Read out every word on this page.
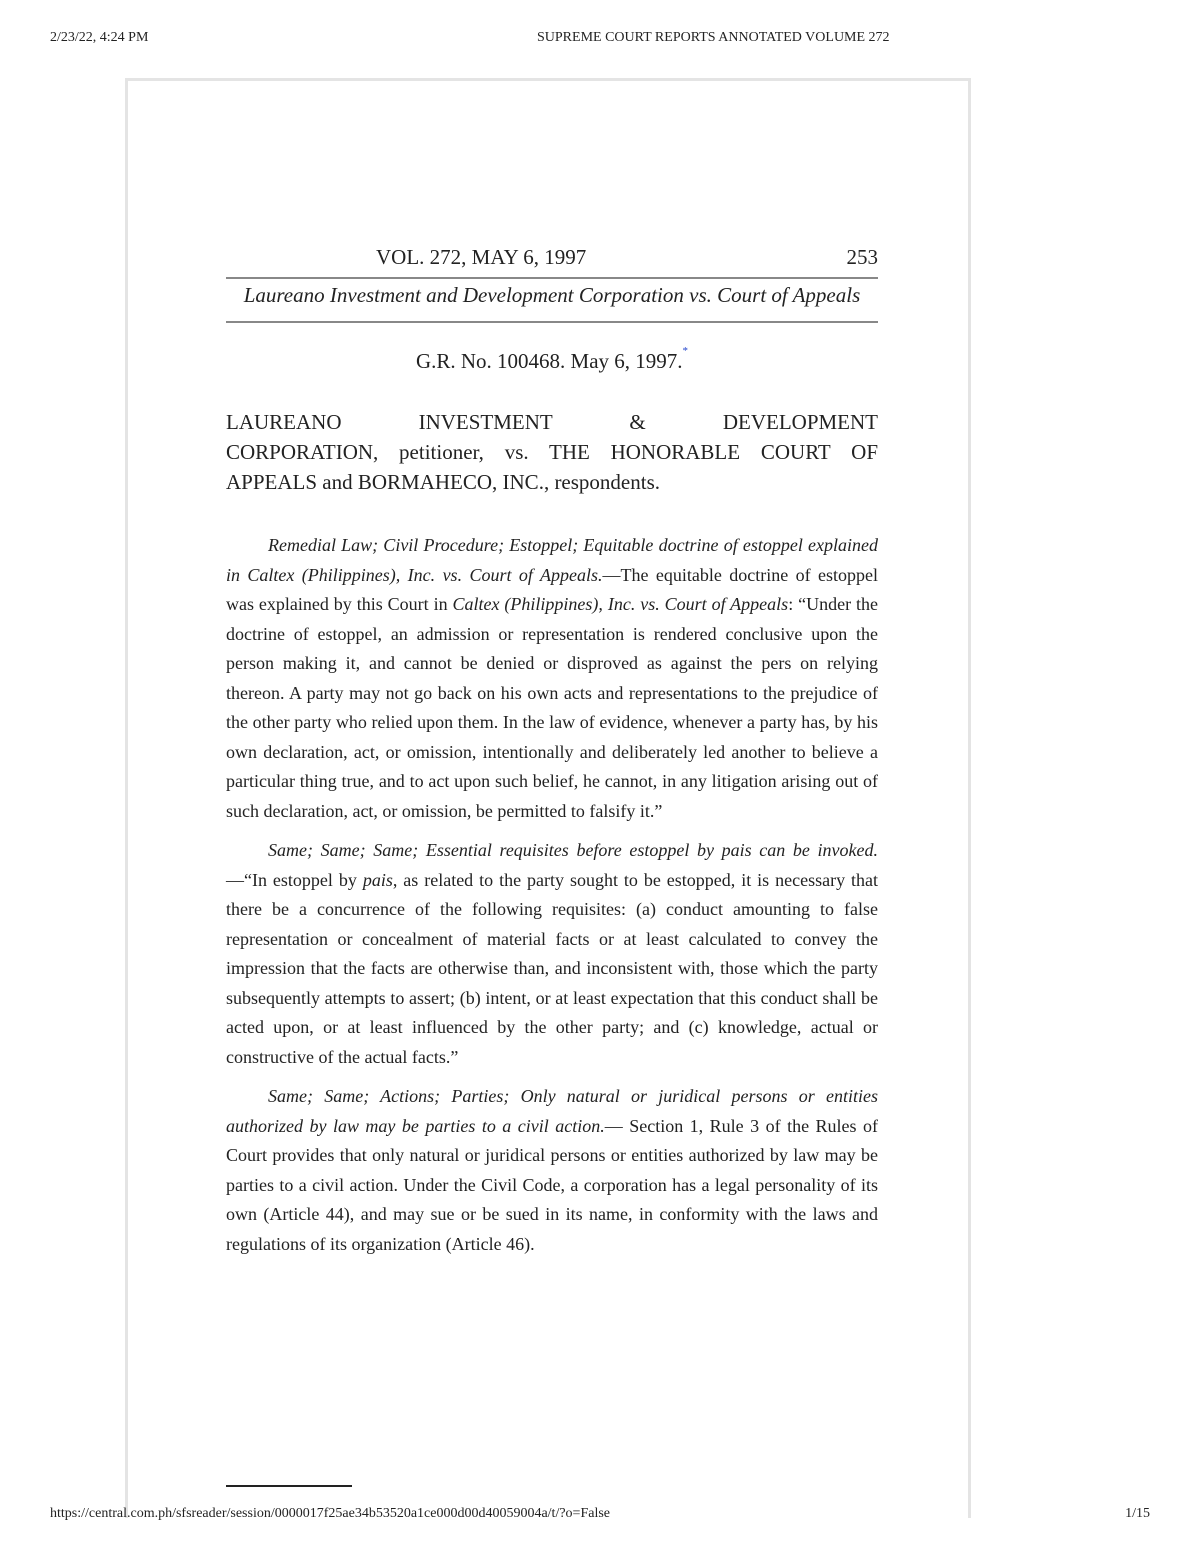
2/23/22, 4:24 PM	SUPREME COURT REPORTS ANNOTATED VOLUME 272
VOL. 272, MAY 6, 1997	253
Laureano Investment and Development Corporation vs. Court of Appeals
G.R. No. 100468. May 6, 1997.*
LAUREANO INVESTMENT & DEVELOPMENT
CORPORATION, petitioner, vs. THE HONORABLE COURT OF APPEALS and BORMAHECO, INC., respondents.

Remedial Law; Civil Procedure; Estoppel; Equitable doctrine of estoppel explained in Caltex (Philippines), Inc. vs. Court of Appeals.—The equitable doctrine of estoppel was explained by this Court in Caltex (Philippines), Inc. vs. Court of Appeals: “Under the doctrine of estoppel, an admission or representation is rendered conclusive upon the person making it, and cannot be denied or disproved as against the pers on relying thereon. A party may not go back on his own acts and representations to the prejudice of the other party who relied upon them. In the law of evidence, whenever a party has, by his own declaration, act, or omission, intentionally and deliberately led another to believe a particular thing true, and to act upon such belief, he cannot, in any litigation arising out of such declaration, act, or omission, be permitted to falsify it.”

Same; Same; Same; Essential requisites before estoppel by pais can be invoked.—“In estoppel by pais, as related to the party sought to be estopped, it is necessary that there be a concurrence of the following requisites: (a) conduct amounting to false representation or concealment of material facts or at least calculated to convey the impression that the facts are otherwise than, and inconsistent with, those which the party subsequently attempts to assert; (b) intent, or at least expectation that this conduct shall be acted upon, or at least influenced by the other party; and (c) knowledge, actual or constructive of the actual facts.”

Same; Same; Actions; Parties; Only natural or juridical persons or entities authorized by law may be parties to a civil action.— Section 1, Rule 3 of the Rules of Court provides that only natural or juridical persons or entities authorized by law may be parties to a civil action. Under the Civil Code, a corporation has a legal personality of its own (Article 44), and may sue or be sued in its name, in conformity with the laws and regulations of its organization (Article 46).

https://central.com.ph/sfsreader/session/0000017f25ae34b53520a1ce000d00d40059004a/t/?o=False	1/15
